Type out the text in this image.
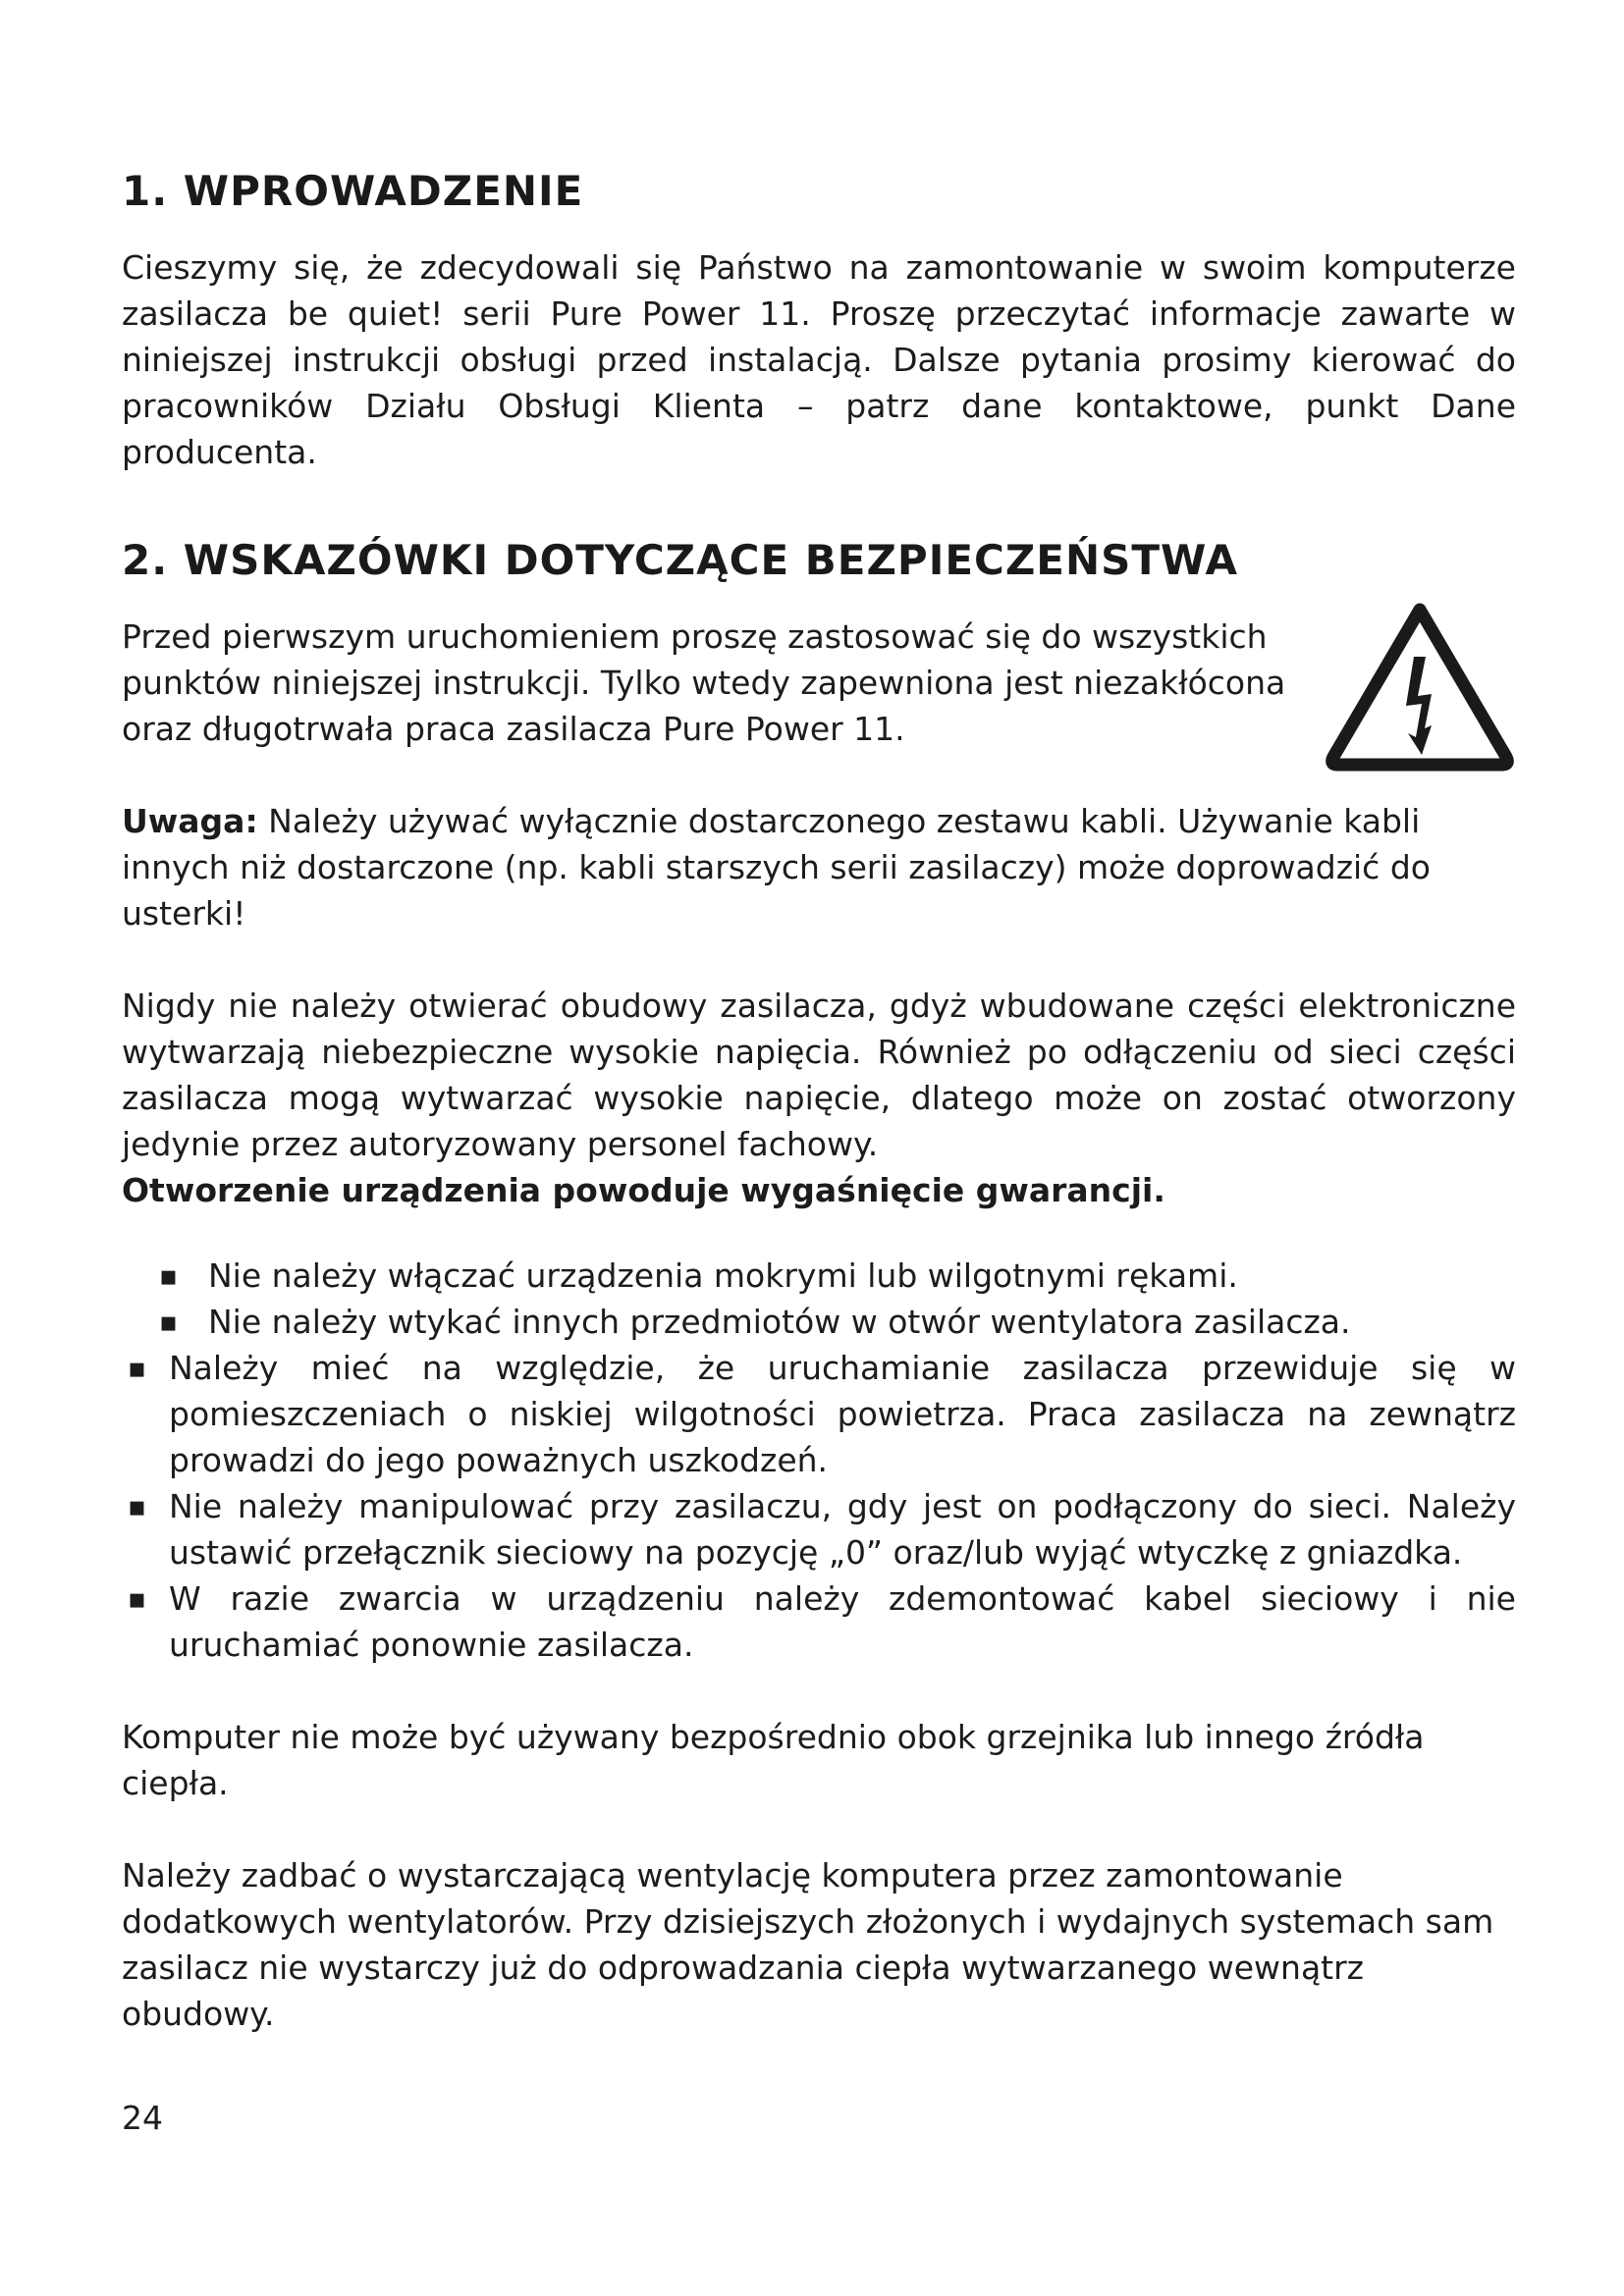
1. WPROWADZENIE

Cieszymy się, że zdecydowali się Państwo na zamontowanie w swoim komputerze zasilacza be quiet! serii Pure Power 11. Proszę przeczytać informacje zawarte w niniejszej instrukcji obsługi przed instalacją. Dalsze pytania prosimy kierować do pracowników Działu Obsługi Klienta – patrz dane kontaktowe, punkt Dane producenta.

2. WSKAZÓWKI DOTYCZĄCE BEZPIECZEŃSTWA

Przed pierwszym uruchomieniem proszę zastosować się do wszystkich punktów niniejszej instrukcji. Tylko wtedy zapewniona jest niezakłócona oraz długotrwała praca zasilacza Pure Power 11.

Uwaga: Należy używać wyłącznie dostarczonego zestawu kabli. Używanie kabli innych niż dostarczone (np. kabli starszych serii zasilaczy) może doprowadzić do usterki!

Nigdy nie należy otwierać obudowy zasilacza, gdyż wbudowane części elektroniczne wytwarzają niebezpieczne wysokie napięcia. Również po odłączeniu od sieci części zasilacza mogą wytwarzać wysokie napięcie, dlatego może on zostać otworzony jedynie przez autoryzowany personel fachowy.

Otworzenie urządzenia powoduje wygaśnięcie gwarancji.

▪ Nie należy włączać urządzenia mokrymi lub wilgotnymi rękami.
▪ Nie należy wtykać innych przedmiotów w otwór wentylatora zasilacza.
▪ Należy mieć na względzie, że uruchamianie zasilacza przewiduje się w pomieszczeniach o niskiej wilgotności powietrza. Praca zasilacza na zewnątrz prowadzi do jego poważnych uszkodzeń.
▪ Nie należy manipulować przy zasilaczu, gdy jest on podłączony do sieci. Należy ustawić przełącznik sieciowy na pozycję „0” oraz/lub wyjąć wtyczkę z gniazdka.
▪ W razie zwarcia w urządzeniu należy zdemontować kabel sieciowy i nie uruchamiać ponownie zasilacza.

Komputer nie może być używany bezpośrednio obok grzejnika lub innego źródła ciepła.

Należy zadbać o wystarczającą wentylację komputera przez zamontowanie dodatkowych wentylatorów. Przy dzisiejszych złożonych i wydajnych systemach sam zasilacz nie wystarczy już do odprowadzania ciepła wytwarzanego wewnątrz obudowy.

24
